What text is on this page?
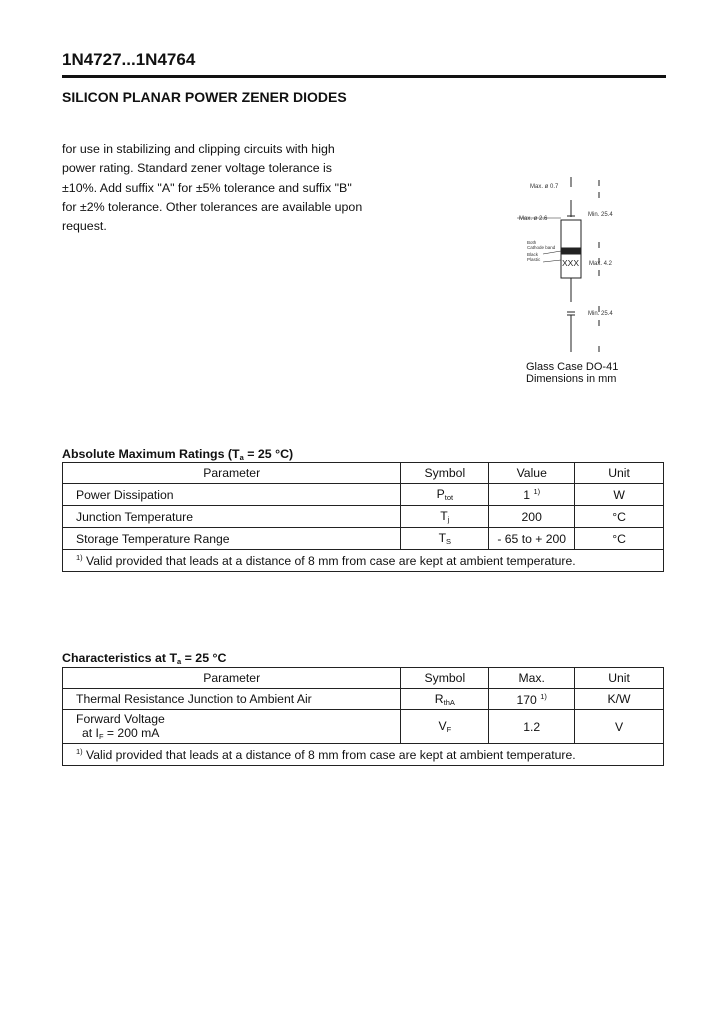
1N4727...1N4764
SILICON PLANAR POWER ZENER DIODES
for use in stabilizing and clipping circuits with high
power rating. Standard zener voltage tolerance is
±10%. Add suffix "A" for ±5% tolerance and suffix "B"
for ±2% tolerance. Other tolerances are available upon
request.
Max. ø 0.7
Max. ø 2.6
Min. 25.4
Max. 4.2
Min. 25.4
Both
Cathode band
Black
Plastic	XXX
Glass Case DO-41
Dimensions in mm
Absolute Maximum Ratings ($T_a = 25$ °C)
Parameter	Symbol	Value	Unit
Power Dissipation	$P_{tot}$	1 $^{1)}$	W
Junction Temperature	$T_j$	200	°C
Storage Temperature Range	$T_S$	- 65 to + 200	°C
$^{1)}$ Valid provided that leads at a distance of 8 mm from case are kept at ambient temperature.			
Characteristics at $T_a = 25$ °C
Parameter	Symbol	Max.	Unit
Thermal Resistance Junction to Ambient Air	$R_{thA}$	170 $^{1)}$	K/W

Forward Voltage
at $I_F = 200$ mA	$V_F$	1.2	V
$^{1)}$ Valid provided that leads at a distance of 8 mm from case are kept at ambient temperature.			
